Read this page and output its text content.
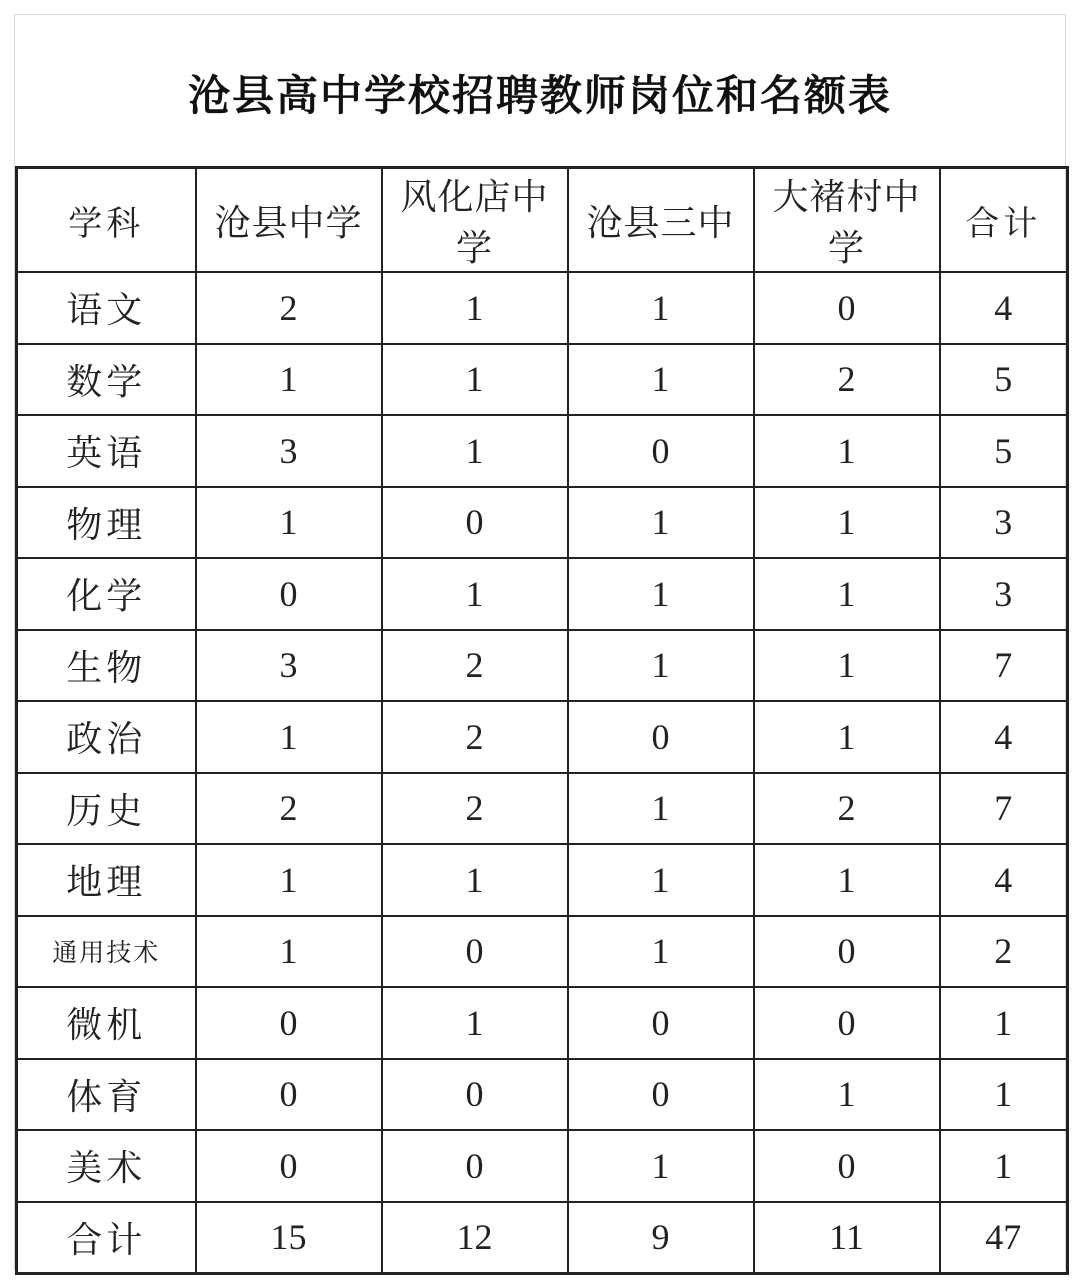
沧县高中学校招聘教师岗位和名额表
学科	沧县中学	风化店中学	沧县三中	大褚村中学	合计
语文	2	1	1	0	4
数学	1	1	1	2	5
英语	3	1	0	1	5
物理	1	0	1	1	3
化学	0	1	1	1	3
生物	3	2	1	1	7
政治	1	2	0	1	4
历史	2	2	1	2	7
地理	1	1	1	1	4
通用技术	1	0	1	0	2
微机	0	1	0	0	1
体育	0	0	0	1	1
美术	0	0	1	0	1
合计	15	12	9	11	47
